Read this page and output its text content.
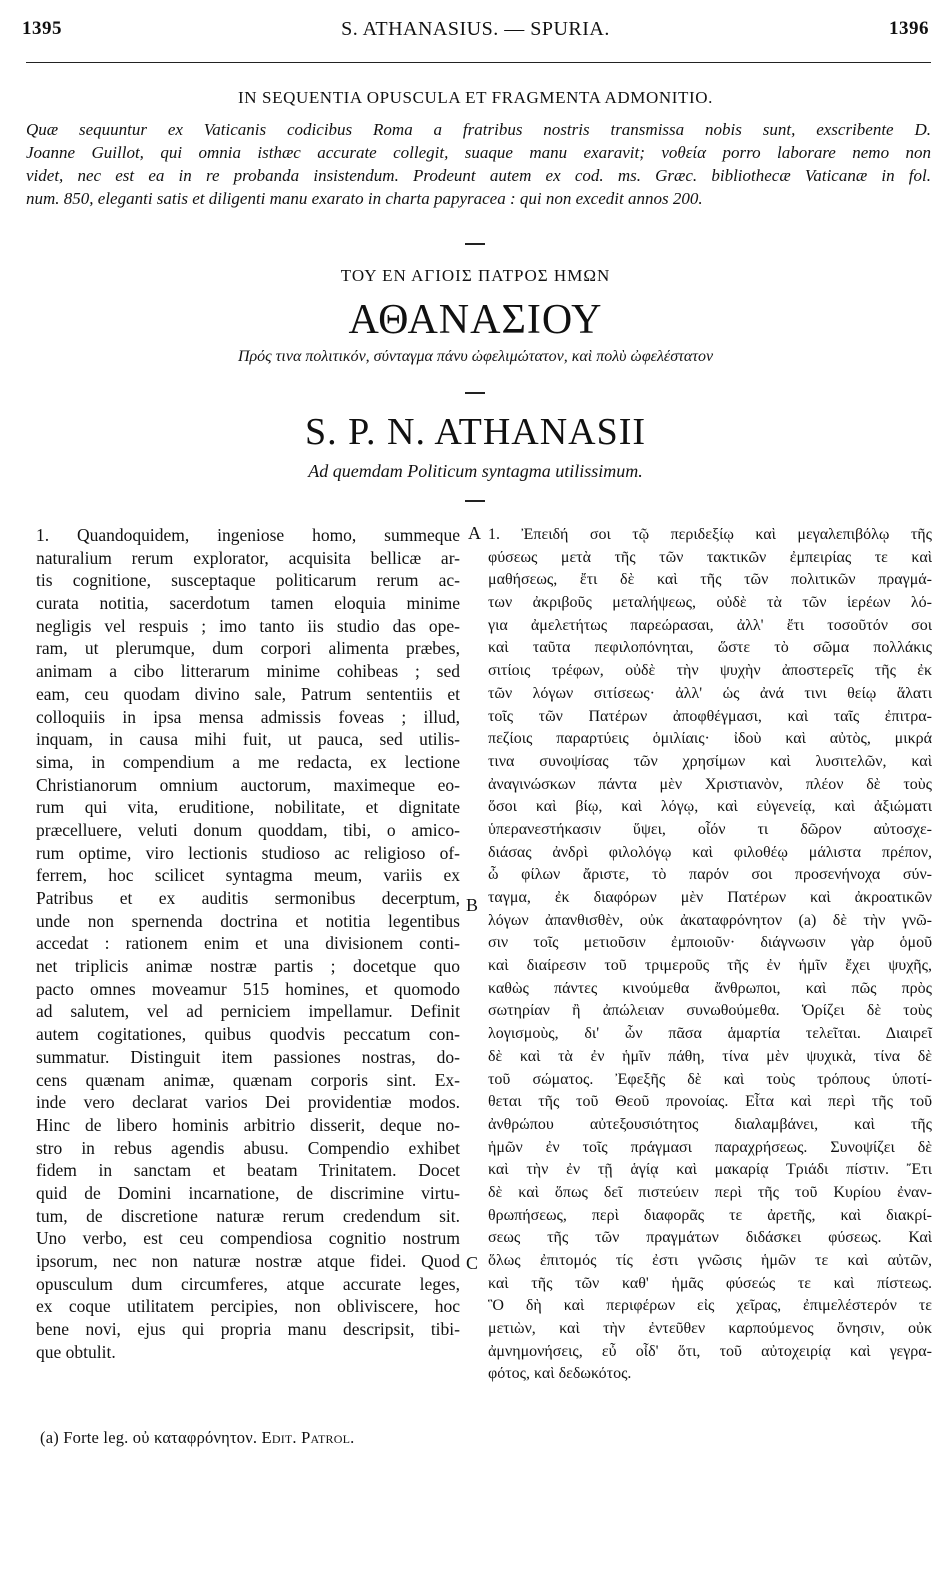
1395	S. ATHANASIUS. — SPURIA.	1396
IN SEQUENTIA OPUSCULA ET FRAGMENTA ADMONITIO.
Quæ sequuntur ex Vaticanis codicibus Roma a fratribus nostris transmissa nobis sunt, exscribente D.
Joanne Guillot, qui omnia isthæc accurate collegit, suaque manu exaravit; νοθεία porro laborare nemo non
videt, nec est ea in re probanda insistendum. Prodeunt autem ex cod. ms. Græc. bibliothecæ Vaticanæ in fol.
num. 850, eleganti satis et diligenti manu exarato in charta papyracea : qui non excedit annos 200.
ΤΟΥ ΕΝ ΑΓΙΟΙΣ ΠΑΤΡΟΣ ΗΜΩΝ
ΑΘΑΝΑΣΙΟΥ
Πρός τινα πολιτικόν, σύνταγμα πάνυ ὠφελιμώτατον, καὶ πολὺ ὠφελέστατον
S. P. N. ATHANASII
Ad quemdam Politicum syntagma utilissimum.
1. Quandoquidem, ingeniose homo, summeque
naturalium rerum explorator, acquisita bellicæ ar-
tis cognitione, susceptaque politicarum rerum ac-
curata notitia, sacerdotum tamen eloquia minime
negligis vel respuis ; imo tanto iis studio das ope-
ram, ut plerumque, dum corpori alimenta præbes,
animam a cibo litterarum minime cohibeas ; sed
eam, ceu quodam divino sale, Patrum sententiis et
colloquiis in ipsa mensa admissis foveas ; illud,
inquam, in causa mihi fuit, ut pauca, sed utilis-
sima, in compendium a me redacta, ex lectione
Christianorum omnium auctorum, maximeque eo-
rum qui vita, eruditione, nobilitate, et dignitate
præcelluere, veluti donum quoddam, tibi, o amico-
rum optime, viro lectionis studioso ac religioso of-
ferrem, hoc scilicet syntagma meum, variis ex
Patribus et ex auditis sermonibus decerptum,
unde non spernenda doctrina et notitia legentibus
accedat : rationem enim et una divisionem conti-
net triplicis animæ nostræ partis ; docetque quo
pacto omnes moveamur 515 homines, et quomodo
ad salutem, vel ad perniciem impellamur. Definit
autem cogitationes, quibus quodvis peccatum con-
summatur. Distinguit item passiones nostras, do-
cens quænam animæ, quænam corporis sint. Ex-
inde vero declarat varios Dei providentiæ modos.
Hinc de libero hominis arbitrio disserit, deque no-
stro in rebus agendis abusu. Compendio exhibet
fidem in sanctam et beatam Trinitatem. Docet
quid de Domini incarnatione, de discrimine virtu-
tum, de discretione naturæ rerum credendum sit.
Uno verbo, est ceu compendiosa cognitio nostrum
ipsorum, nec non naturæ nostræ atque fidei. Quod
opusculum dum circumferes, atque accurate leges,
ex coque utilitatem percipies, non obliviscere, hoc
bene novi, ejus qui propria manu descripsit, tibi-
que obtulit.
1. Ἐπειδή σοι τῷ περιδεξίῳ καὶ μεγαλεπιβόλῳ τῆς
φύσεως μετὰ τῆς τῶν τακτικῶν ἐμπειρίας τε καὶ
μαθήσεως, ἔτι δὲ καὶ τῆς τῶν πολιτικῶν πραγμά-
των ἀκριβοῦς μεταλήψεως, οὐδὲ τὰ τῶν ἱερέων λό-
για ἀμελετήτως παρεώρασαι, ἀλλ' ἔτι τοσοῦτόν σοι
καὶ ταῦτα πεφιλοπόνηται, ὥστε τὸ σῶμα πολλάκις
σιτίοις τρέφων, οὐδὲ τὴν ψυχὴν ἀποστερεῖς τῆς ἐκ
τῶν λόγων σιτίσεως· ἀλλ' ὡς ἀνά τινι θείῳ ἅλατι
τοῖς τῶν Πατέρων ἀποφθέγμασι, καὶ ταῖς ἐπιτρα-
πεζίοις παραρτύεις ὁμιλίαις· ἰδοὺ καὶ αὐτὸς, μικρά
τινα συνοψίσας τῶν χρησίμων καὶ λυσιτελῶν, καὶ
ἀναγινώσκων πάντα μὲν Χριστιανὸν, πλέον δὲ τοὺς
ὅσοι καὶ βίῳ, καὶ λόγῳ, καὶ εὐγενείᾳ, καὶ ἀξιώματι
ὑπερανεστήκασιν ὕψει, οἷόν τι δῶρον αὐτοσχε-
διάσας ἀνδρὶ φιλολόγῳ καὶ φιλοθέῳ μάλιστα πρέπον,
ὦ φίλων ἄριστε, τὸ παρόν σοι προσενήνοχα σύν-
ταγμα, ἐκ διαφόρων μὲν Πατέρων καὶ ἀκροατικῶν
λόγων ἀπανθισθὲν, οὐκ ἀκαταφρόνητον (a) δὲ τὴν γνῶ-
σιν τοῖς μετιοῦσιν ἐμποιοῦν· διάγνωσιν γὰρ ὁμοῦ
καὶ διαίρεσιν τοῦ τριμεροῦς τῆς ἐν ἡμῖν ἔχει ψυχῆς,
καθὼς πάντες κινούμεθα ἄνθρωποι, καὶ πῶς πρὸς
σωτηρίαν ἢ ἀπώλειαν συνωθούμεθα. Ὁρίζει δὲ τοὺς
λογισμοὺς, δι' ὧν πᾶσα ἁμαρτία τελεῖται. Διαιρεῖ
δὲ καὶ τὰ ἐν ἡμῖν πάθη, τίνα μὲν ψυχικὰ, τίνα δὲ
τοῦ σώματος. Ἐφεξῆς δὲ καὶ τοὺς τρόπους ὑποτί-
θεται τῆς τοῦ Θεοῦ προνοίας. Εἶτα καὶ περὶ τῆς τοῦ
ἀνθρώπου αὐτεξουσιότητος διαλαμβάνει, καὶ τῆς
ἡμῶν ἐν τοῖς πράγμασι παραχρήσεως. Συνοψίζει δὲ
καὶ τὴν ἐν τῇ ἁγίᾳ καὶ μακαρίᾳ Τριάδι πίστιν. Ἔτι
δὲ καὶ ὅπως δεῖ πιστεύειν περὶ τῆς τοῦ Κυρίου ἐναν-
θρωπήσεως, περὶ διαφορᾶς τε ἀρετῆς, καὶ διακρί-
σεως τῆς τῶν πραγμάτων διδάσκει φύσεως. Καὶ
ὅλως ἐπιτομός τίς ἐστι γνῶσις ἡμῶν τε καὶ αὐτῶν,
καὶ τῆς τῶν καθ' ἡμᾶς φύσεώς τε καὶ πίστεως.
Ὃ δὴ καὶ περιφέρων εἰς χεῖρας, ἐπιμελέστερόν τε
μετιὼν, καὶ τὴν ἐντεῦθεν καρπούμενος ὄνησιν, οὐκ
ἀμνημονήσεις, εὖ οἶδ' ὅτι, τοῦ αὐτοχειρίᾳ καὶ γεγρα-
φότος, καὶ δεδωκότος.
A
B
C
(a) Forte leg. οὐ καταφρόνητον. Edit. Patrol.
